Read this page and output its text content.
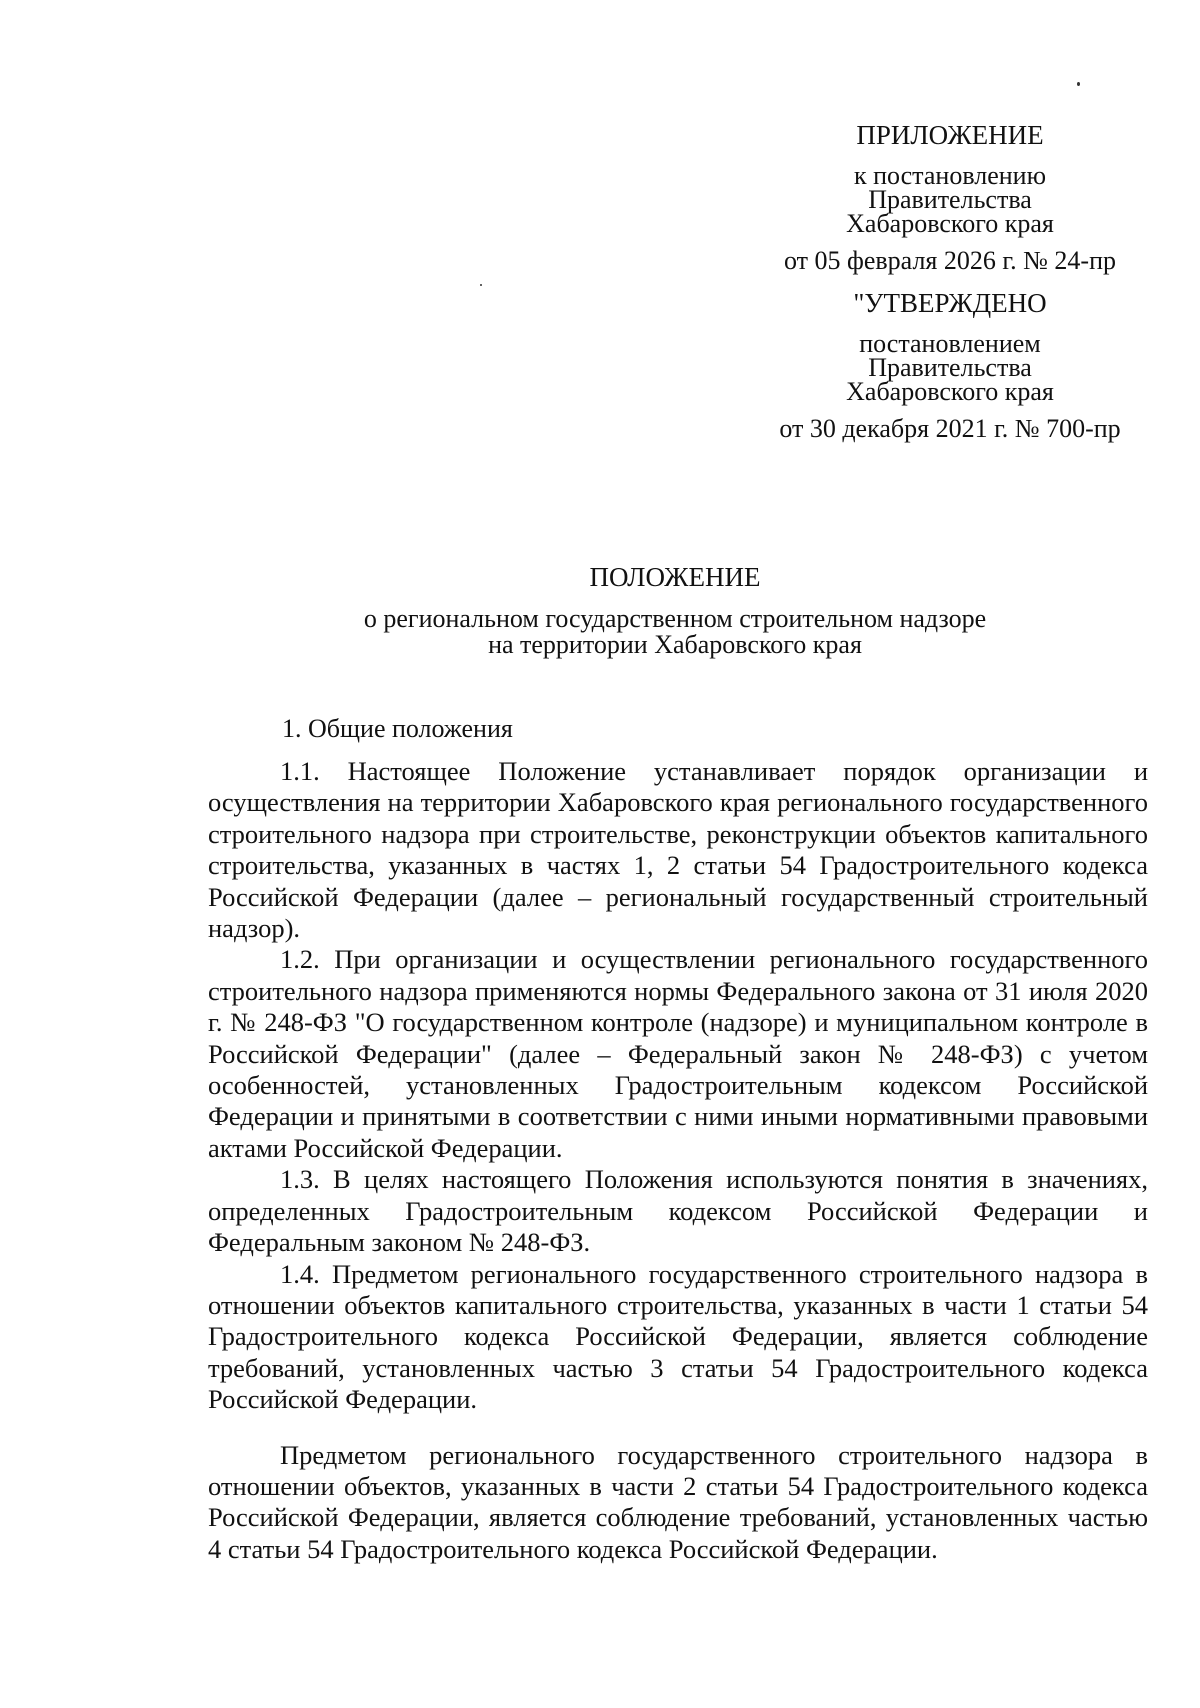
ПРИЛОЖЕНИЕ
к постановлению
Правительства
Хабаровского края
от 05 февраля 2026 г. № 24-пр
"УТВЕРЖДЕНО
постановлением
Правительства
Хабаровского края
от 30 декабря 2021 г. № 700-пр
ПОЛОЖЕНИЕ
о региональном государственном строительном надзоре
на территории Хабаровского края
1. Общие положения

1.1. Настоящее Положение устанавливает порядок организации и осуществления на территории Хабаровского края регионального государственного строительного надзора при строительстве, реконструкции объектов капитального строительства, указанных в частях 1, 2 статьи 54 Градостроительного кодекса Российской Федерации (далее – региональный государственный строительный надзор).

1.2. При организации и осуществлении регионального государственного строительного надзора применяются нормы Федерального закона от 31 июля 2020 г. № 248-ФЗ "О государственном контроле (надзоре) и муниципальном контроле в Российской Федерации" (далее – Федеральный закон № 248-ФЗ) с учетом особенностей, установленных Градостроительным кодексом Российской Федерации и принятыми в соответствии с ними иными нормативными правовыми актами Российской Федерации.

1.3. В целях настоящего Положения используются понятия в значениях, определенных Градостроительным кодексом Российской Федерации и Федеральным законом № 248-ФЗ.

1.4. Предметом регионального государственного строительного надзора в отношении объектов капитального строительства, указанных в части 1 статьи 54 Градостроительного кодекса Российской Федерации, является соблюдение требований, установленных частью 3 статьи 54 Градостроительного кодекса Российской Федерации.

Предметом регионального государственного строительного надзора в отношении объектов, указанных в части 2 статьи 54 Градостроительного кодекса Российской Федерации, является соблюдение требований, установленных частью 4 статьи 54 Градостроительного кодекса Российской Федерации.
